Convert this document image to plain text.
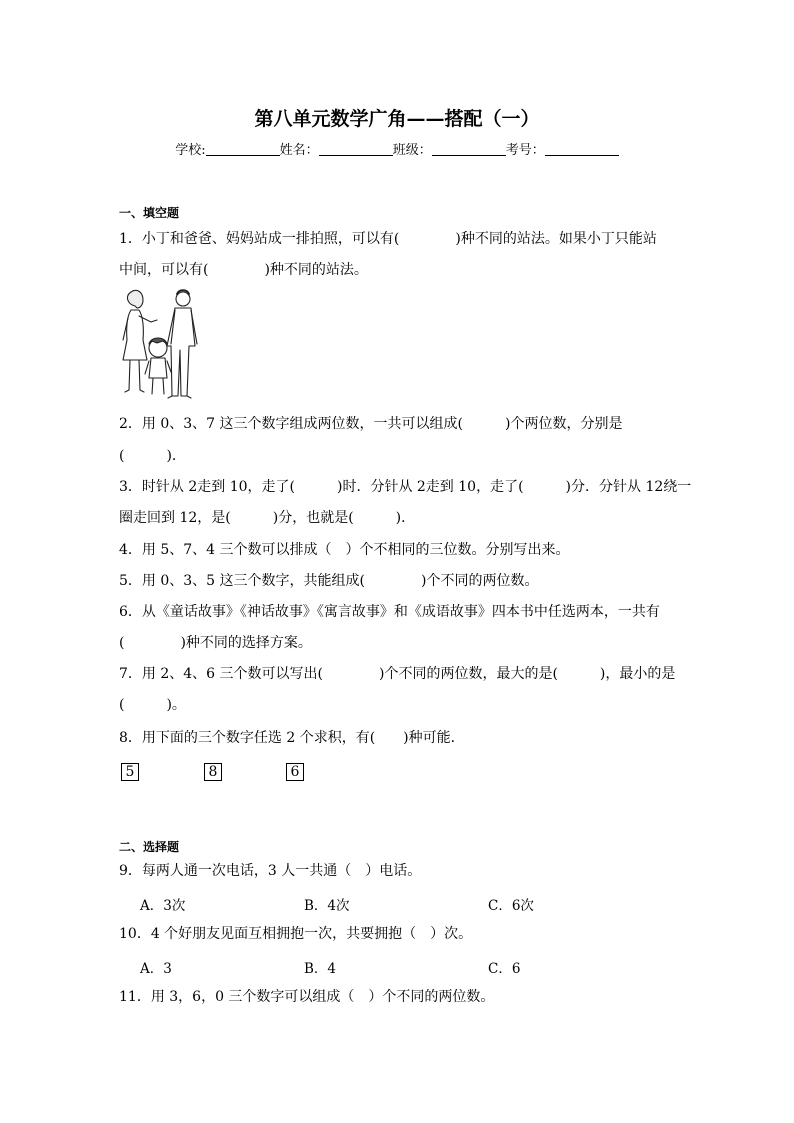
第八单元数学广角——搭配（一）
学校:	姓名：	班级：	考号：
一、填空题
1．小丁和爸爸、妈妈站成一排拍照，可以有(　　　　)种不同的站法。如果小丁只能站
中间，可以有(　　　　)种不同的站法。
2．用 0、3、7 这三个数字组成两位数，一共可以组成(　　　)个两位数，分别是
(　　　)．
3．时针从 2走到 10，走了(　　　)时．分针从 2走到 10，走了(　　　)分．分针从 12绕一
圈走回到 12，是(　　　)分，也就是(　　　)．
4．用 5、7、4 三个数可以排成（　）个不相同的三位数。分别写出来。
5．用 0、3、5 这三个数字，共能组成(　　　　)个不同的两位数。
6．从《童话故事》《神话故事》《寓言故事》和《成语故事》四本书中任选两本，一共有
(　　　　)种不同的选择方案。
7．用 2、4、6 三个数可以写出(　　　　)个不同的两位数，最大的是(　　　)，最小的是
(　　　)。
8．用下面的三个数字任选 2 个求积，有(　　)种可能．
5	8	6
二、选择题
9．每两人通一次电话，3 人一共通（　）电话。
A．3次	B．4次	C．6次
10．4 个好朋友见面互相拥抱一次，共要拥抱（　）次。
A．3	B．4	C．6
11．用 3，6，0 三个数字可以组成（　）个不同的两位数。
